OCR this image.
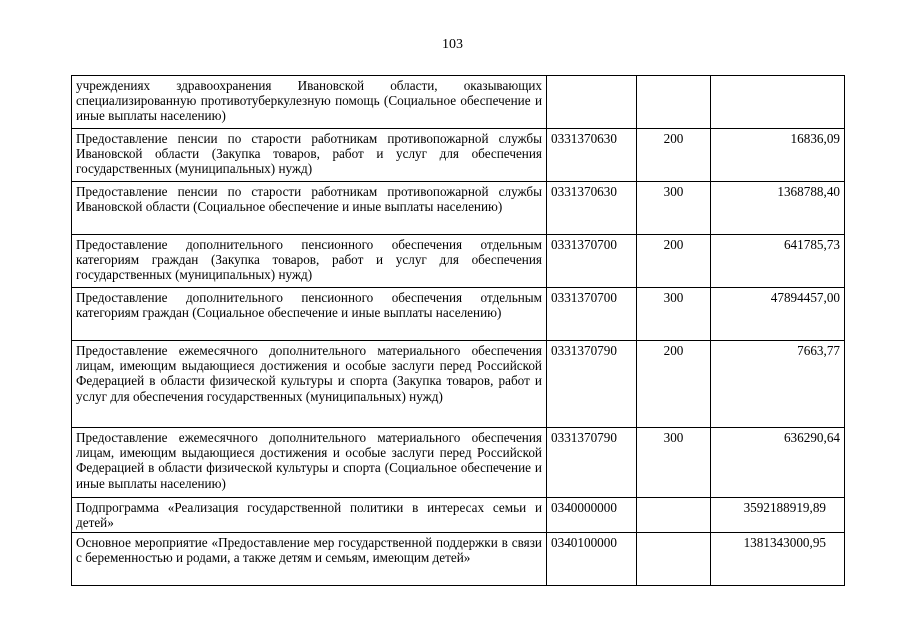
103
учреждениях здравоохранения Ивановской области, оказывающих специализированную противотуберкулезную помощь (Социальное обеспечение и иные выплаты населению)			
Предоставление пенсии по старости работникам противопожарной службы Ивановской области (Закупка товаров, работ и услуг для обеспечения государственных (муниципальных) нужд)	0331370630	200	16836,09
Предоставление пенсии по старости работникам противопожарной службы Ивановской области (Социальное обеспечение и иные выплаты населению)	0331370630	300	1368788,40
Предоставление дополнительного пенсионного обеспечения отдельным категориям граждан (Закупка товаров, работ и услуг для обеспечения государственных (муниципальных) нужд)	0331370700	200	641785,73
Предоставление дополнительного пенсионного обеспечения отдельным категориям граждан (Социальное обеспечение и иные выплаты населению)	0331370700	300	47894457,00
Предоставление ежемесячного дополнительного материального обеспечения лицам, имеющим выдающиеся достижения и особые заслуги перед Российской Федерацией в области физической культуры и спорта (Закупка товаров, работ и услуг для обеспечения государственных (муниципальных) нужд)	0331370790	200	7663,77
Предоставление ежемесячного дополнительного материального обеспечения лицам, имеющим выдающиеся достижения и особые заслуги перед Российской Федерацией в области физической культуры и спорта (Социальное обеспечение и иные выплаты населению)	0331370790	300	636290,64
Подпрограмма «Реализация государственной политики в интересах семьи и детей»	0340000000		3592188919,89
Основное мероприятие «Предоставление мер государственной поддержки в связи с беременностью и родами, а также детям и семьям, имеющим детей»	0340100000		1381343000,95
